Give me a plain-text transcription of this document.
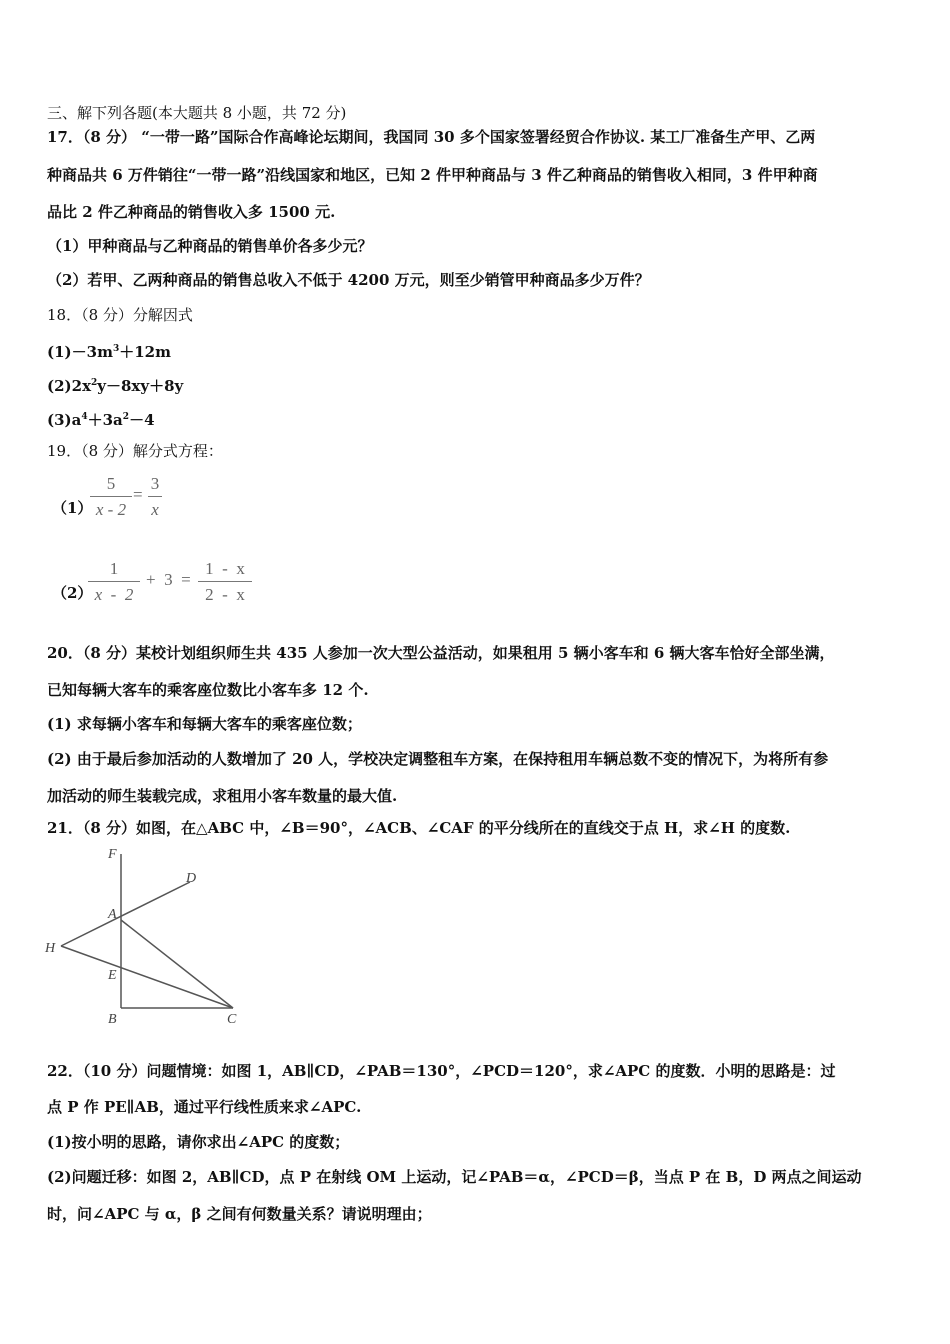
三、解下列各题(本大题共 8 小题，共 72 分)
17．（8 分） “一带一路”国际合作高峰论坛期间，我国同 30 多个国家签署经贸合作协议. 某工厂准备生产甲、乙两
种商品共 6 万件销往“一带一路”沿线国家和地区，已知 2 件甲种商品与 3 件乙种商品的销售收入相同，3 件甲种商
品比 2 件乙种商品的销售收入多 1500 元.
（1）甲种商品与乙种商品的销售单价各多少元？
（2）若甲、乙两种商品的销售总收入不低于 4200 万元，则至少销管甲种商品多少万件？
18．（8 分）分解因式
$(1)-3m^3+12m$
$(2)2x^2y-8xy+8y$
$(3)a^4+3a^2-4$
19．（8 分）解分式方程：
（1）
5
x - 2
=
3
x
（2）
1
x  -  2
+  3  =
1  -  x
2  -  x
20．（8 分）某校计划组织师生共 435 人参加一次大型公益活动，如果租用 5 辆小客车和 6 辆大客车恰好全部坐满，
已知每辆大客车的乘客座位数比小客车多 12 个.
(1) 求每辆小客车和每辆大客车的乘客座位数；
(2) 由于最后参加活动的人数增加了 20 人，学校决定调整租车方案，在保持租用车辆总数不变的情况下，为将所有参
加活动的师生装载完成，求租用小客车数量的最大值.
21．（8 分）如图，在△ABC 中，∠B＝90°，∠ACB、∠CAF 的平分线所在的直线交于点 H，求∠H 的度数.
F
D
A
H
E
B	C
22．（10 分）问题情境：如图 1，AB∥CD，∠PAB＝130°，∠PCD＝120°，求∠APC 的度数．小明的思路是：过
点 P 作 PE∥AB，通过平行线性质来求∠APC.
(1)按小明的思路，请你求出∠APC 的度数；
(2)问题迁移：如图 2，AB∥CD，点 P 在射线 OM 上运动，记∠PAB＝α，∠PCD＝β，当点 P 在 B，D 两点之间运动
时，问∠APC 与 α，β 之间有何数量关系？请说明理由；
